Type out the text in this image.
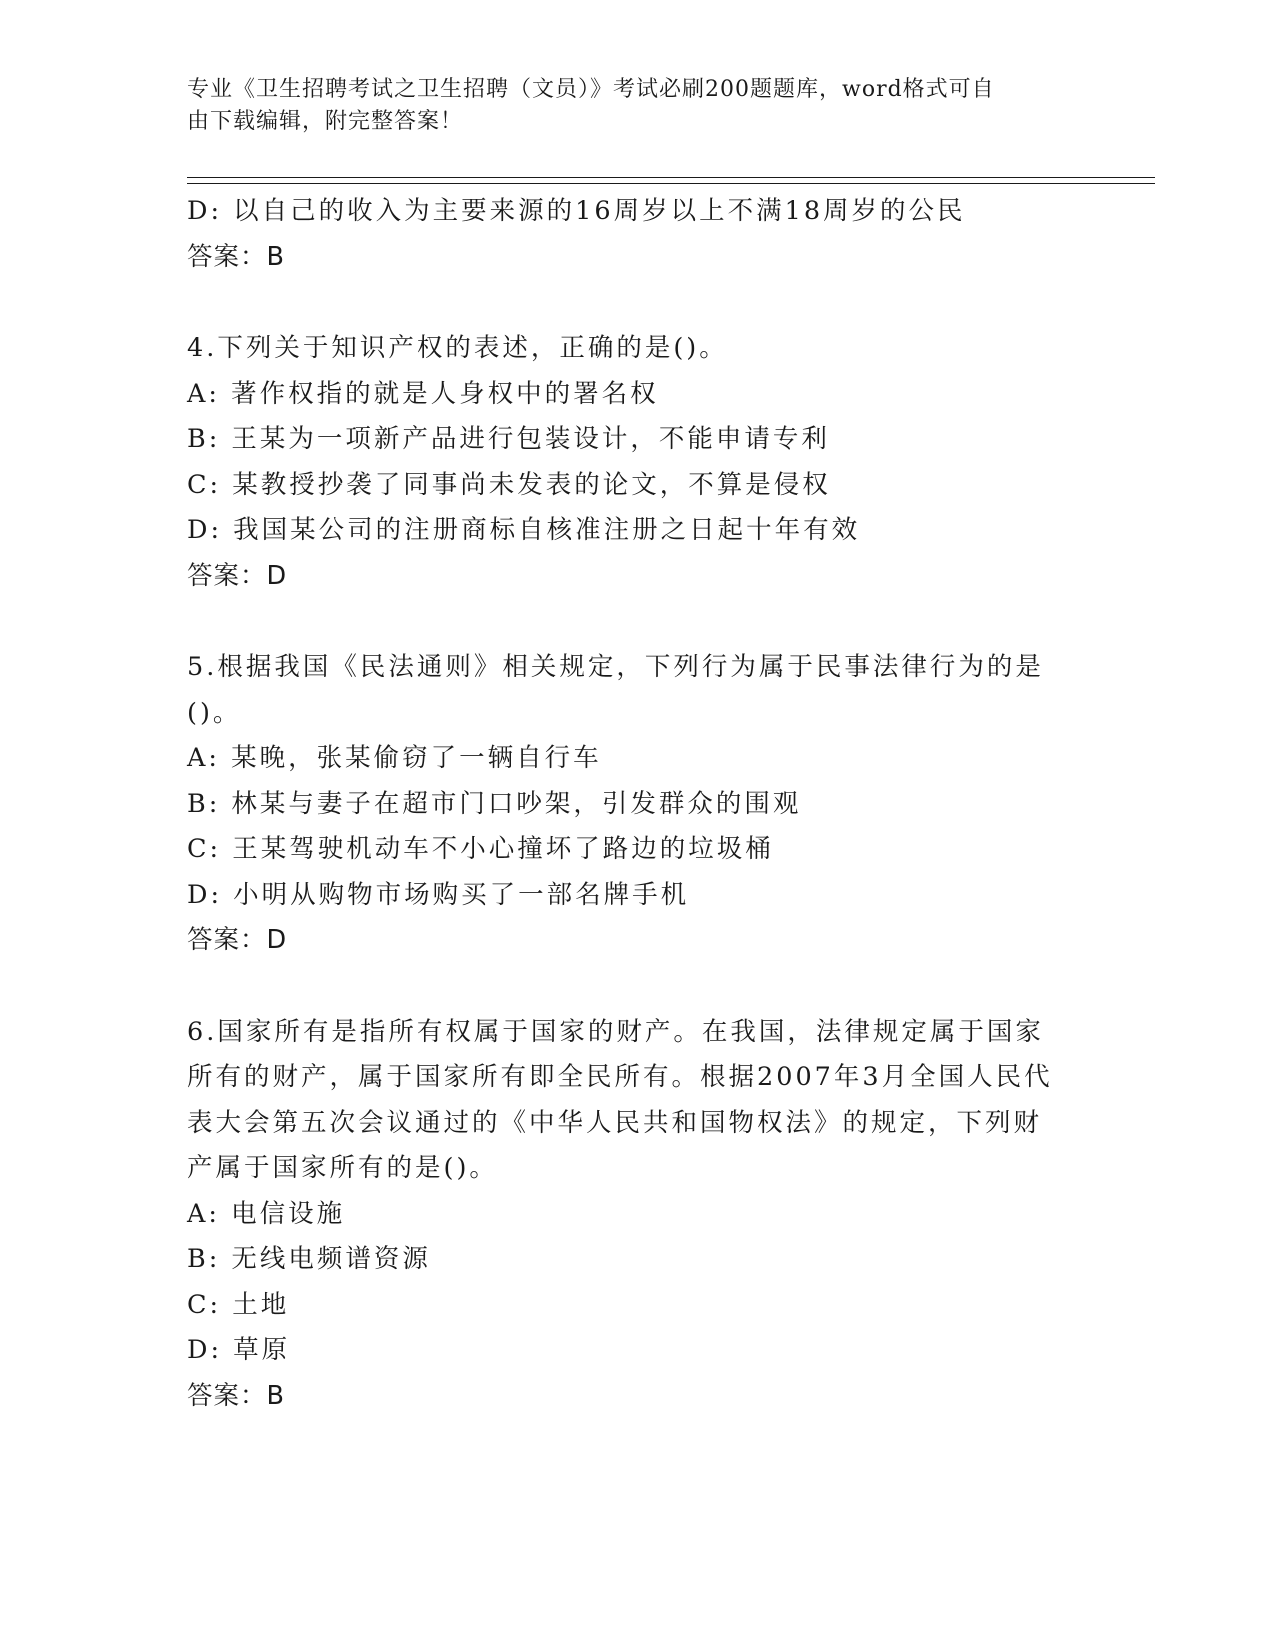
专业《卫生招聘考试之卫生招聘（文员）》考试必刷200题题库，word格式可自
由下载编辑，附完整答案！

D: 以自己的收入为主要来源的16周岁以上不满18周岁的公民

答案：B

4.下列关于知识产权的表述，正确的是()。

A: 著作权指的就是人身权中的署名权

B: 王某为一项新产品进行包装设计，不能申请专利

C: 某教授抄袭了同事尚未发表的论文，不算是侵权

D: 我国某公司的注册商标自核准注册之日起十年有效

答案：D

5.根据我国《民法通则》相关规定，下列行为属于民事法律行为的是

()。

A: 某晚，张某偷窃了一辆自行车

B: 林某与妻子在超市门口吵架，引发群众的围观

C: 王某驾驶机动车不小心撞坏了路边的垃圾桶

D: 小明从购物市场购买了一部名牌手机

答案：D

6.国家所有是指所有权属于国家的财产。在我国，法律规定属于国家

所有的财产，属于国家所有即全民所有。根据2007年3月全国人民代

表大会第五次会议通过的《中华人民共和国物权法》的规定，下列财

产属于国家所有的是()。

A: 电信设施

B: 无线电频谱资源

C: 土地

D: 草原

答案：B
